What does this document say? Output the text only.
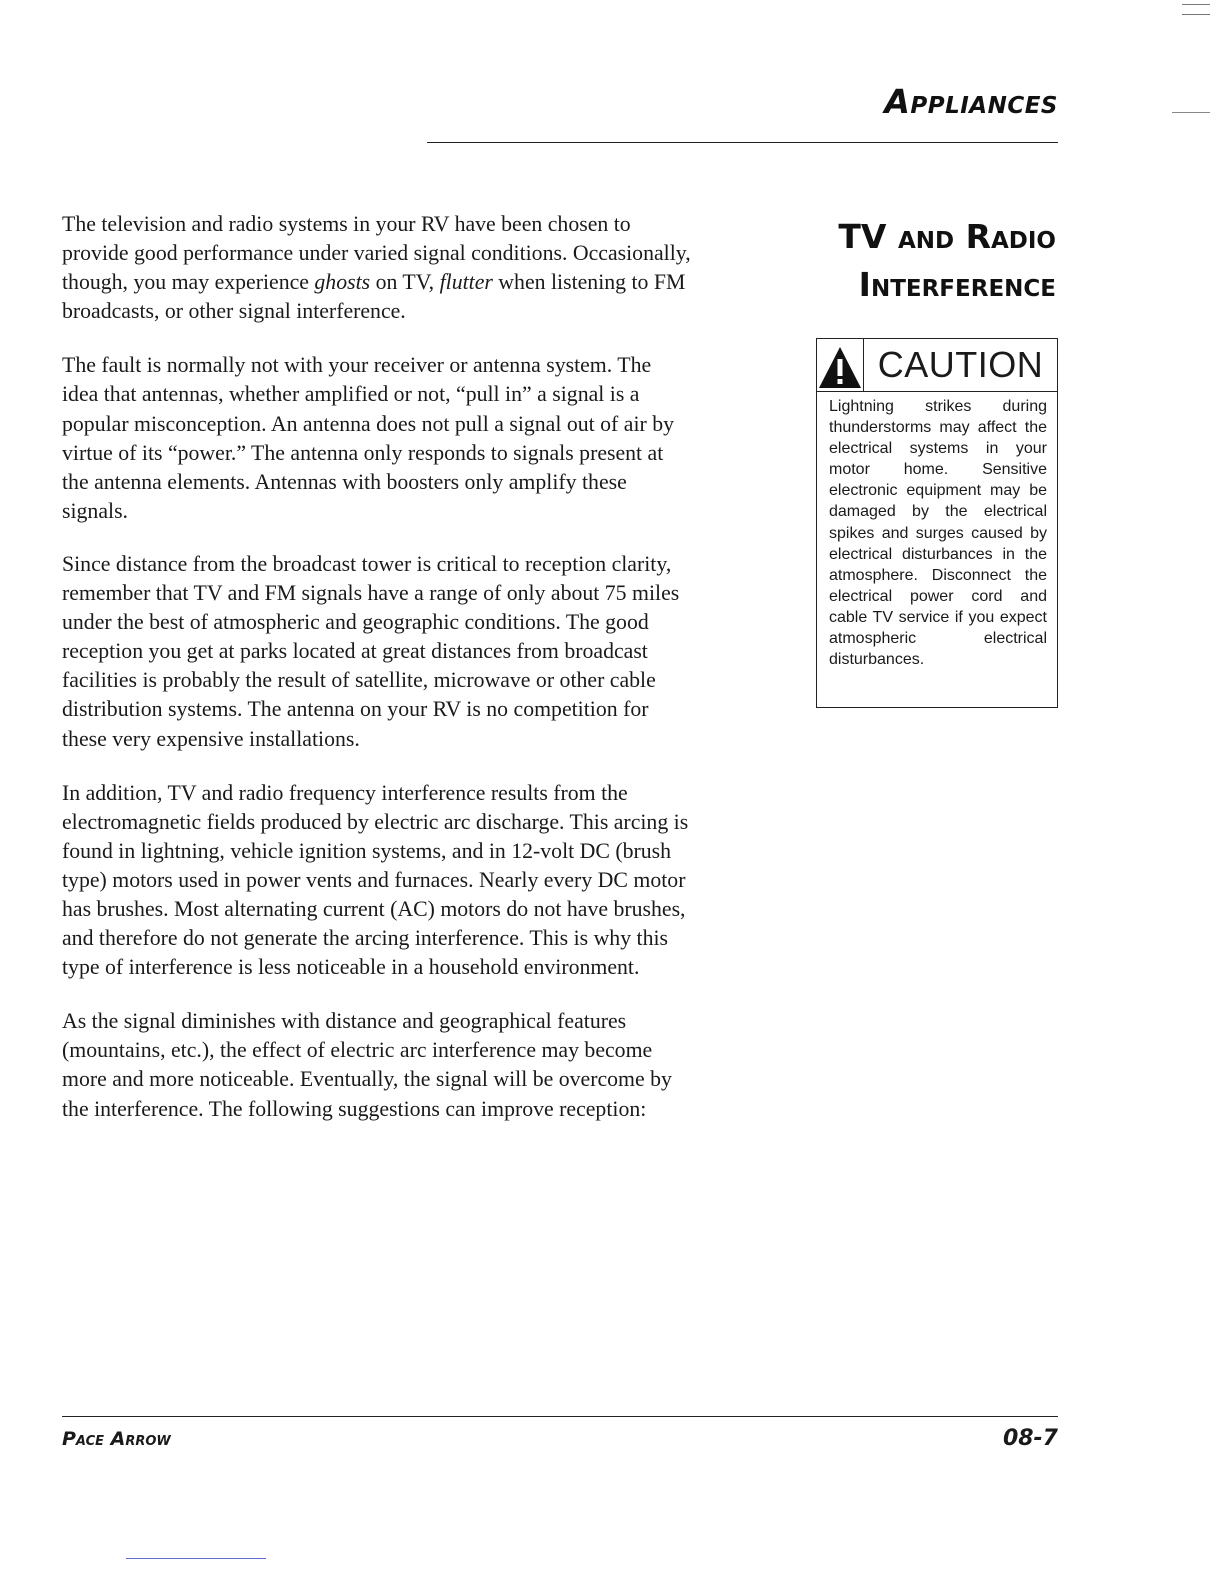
Appliances

The television and radio systems in your RV have been chosen to provide good performance under varied signal conditions. Occasionally, though, you may experience ghosts on TV, flutter when listening to FM broadcasts, or other signal interference.

The fault is normally not with your receiver or antenna system. The idea that antennas, whether amplified or not, “pull in” a signal is a popular misconception. An antenna does not pull a signal out of air by virtue of its “power.” The antenna only responds to signals present at the antenna elements. Antennas with boosters only amplify these signals.

Since distance from the broadcast tower is critical to reception clarity, remember that TV and FM signals have a range of only about 75 miles under the best of atmospheric and geographic conditions. The good reception you get at parks located at great distances from broadcast facilities is probably the result of satellite, microwave or other cable distribution systems. The antenna on your RV is no competition for these very expensive installations.

In addition, TV and radio frequency interference results from the electromagnetic fields produced by electric arc discharge. This arcing is found in lightning, vehicle ignition systems, and in 12-volt DC (brush type) motors used in power vents and furnaces. Nearly every DC motor has brushes. Most alternating current (AC) motors do not have brushes, and therefore do not generate the arcing interference. This is why this type of interference is less noticeable in a household environment.

As the signal diminishes with distance and geographical features (mountains, etc.), the effect of electric arc interference may become more and more noticeable. Eventually, the signal will be overcome by the interference. The following suggestions can improve reception:

TV and Radio
Interference
CAUTION
Lightning strikes during thunderstorms may affect the electrical systems in your motor home. Sensitive electronic equipment may be damaged by the electrical spikes and surges caused by electrical disturbances in the atmosphere. Disconnect the electrical power cord and cable TV service if you expect atmospheric electrical disturbances.
Pace Arrow	08-7
